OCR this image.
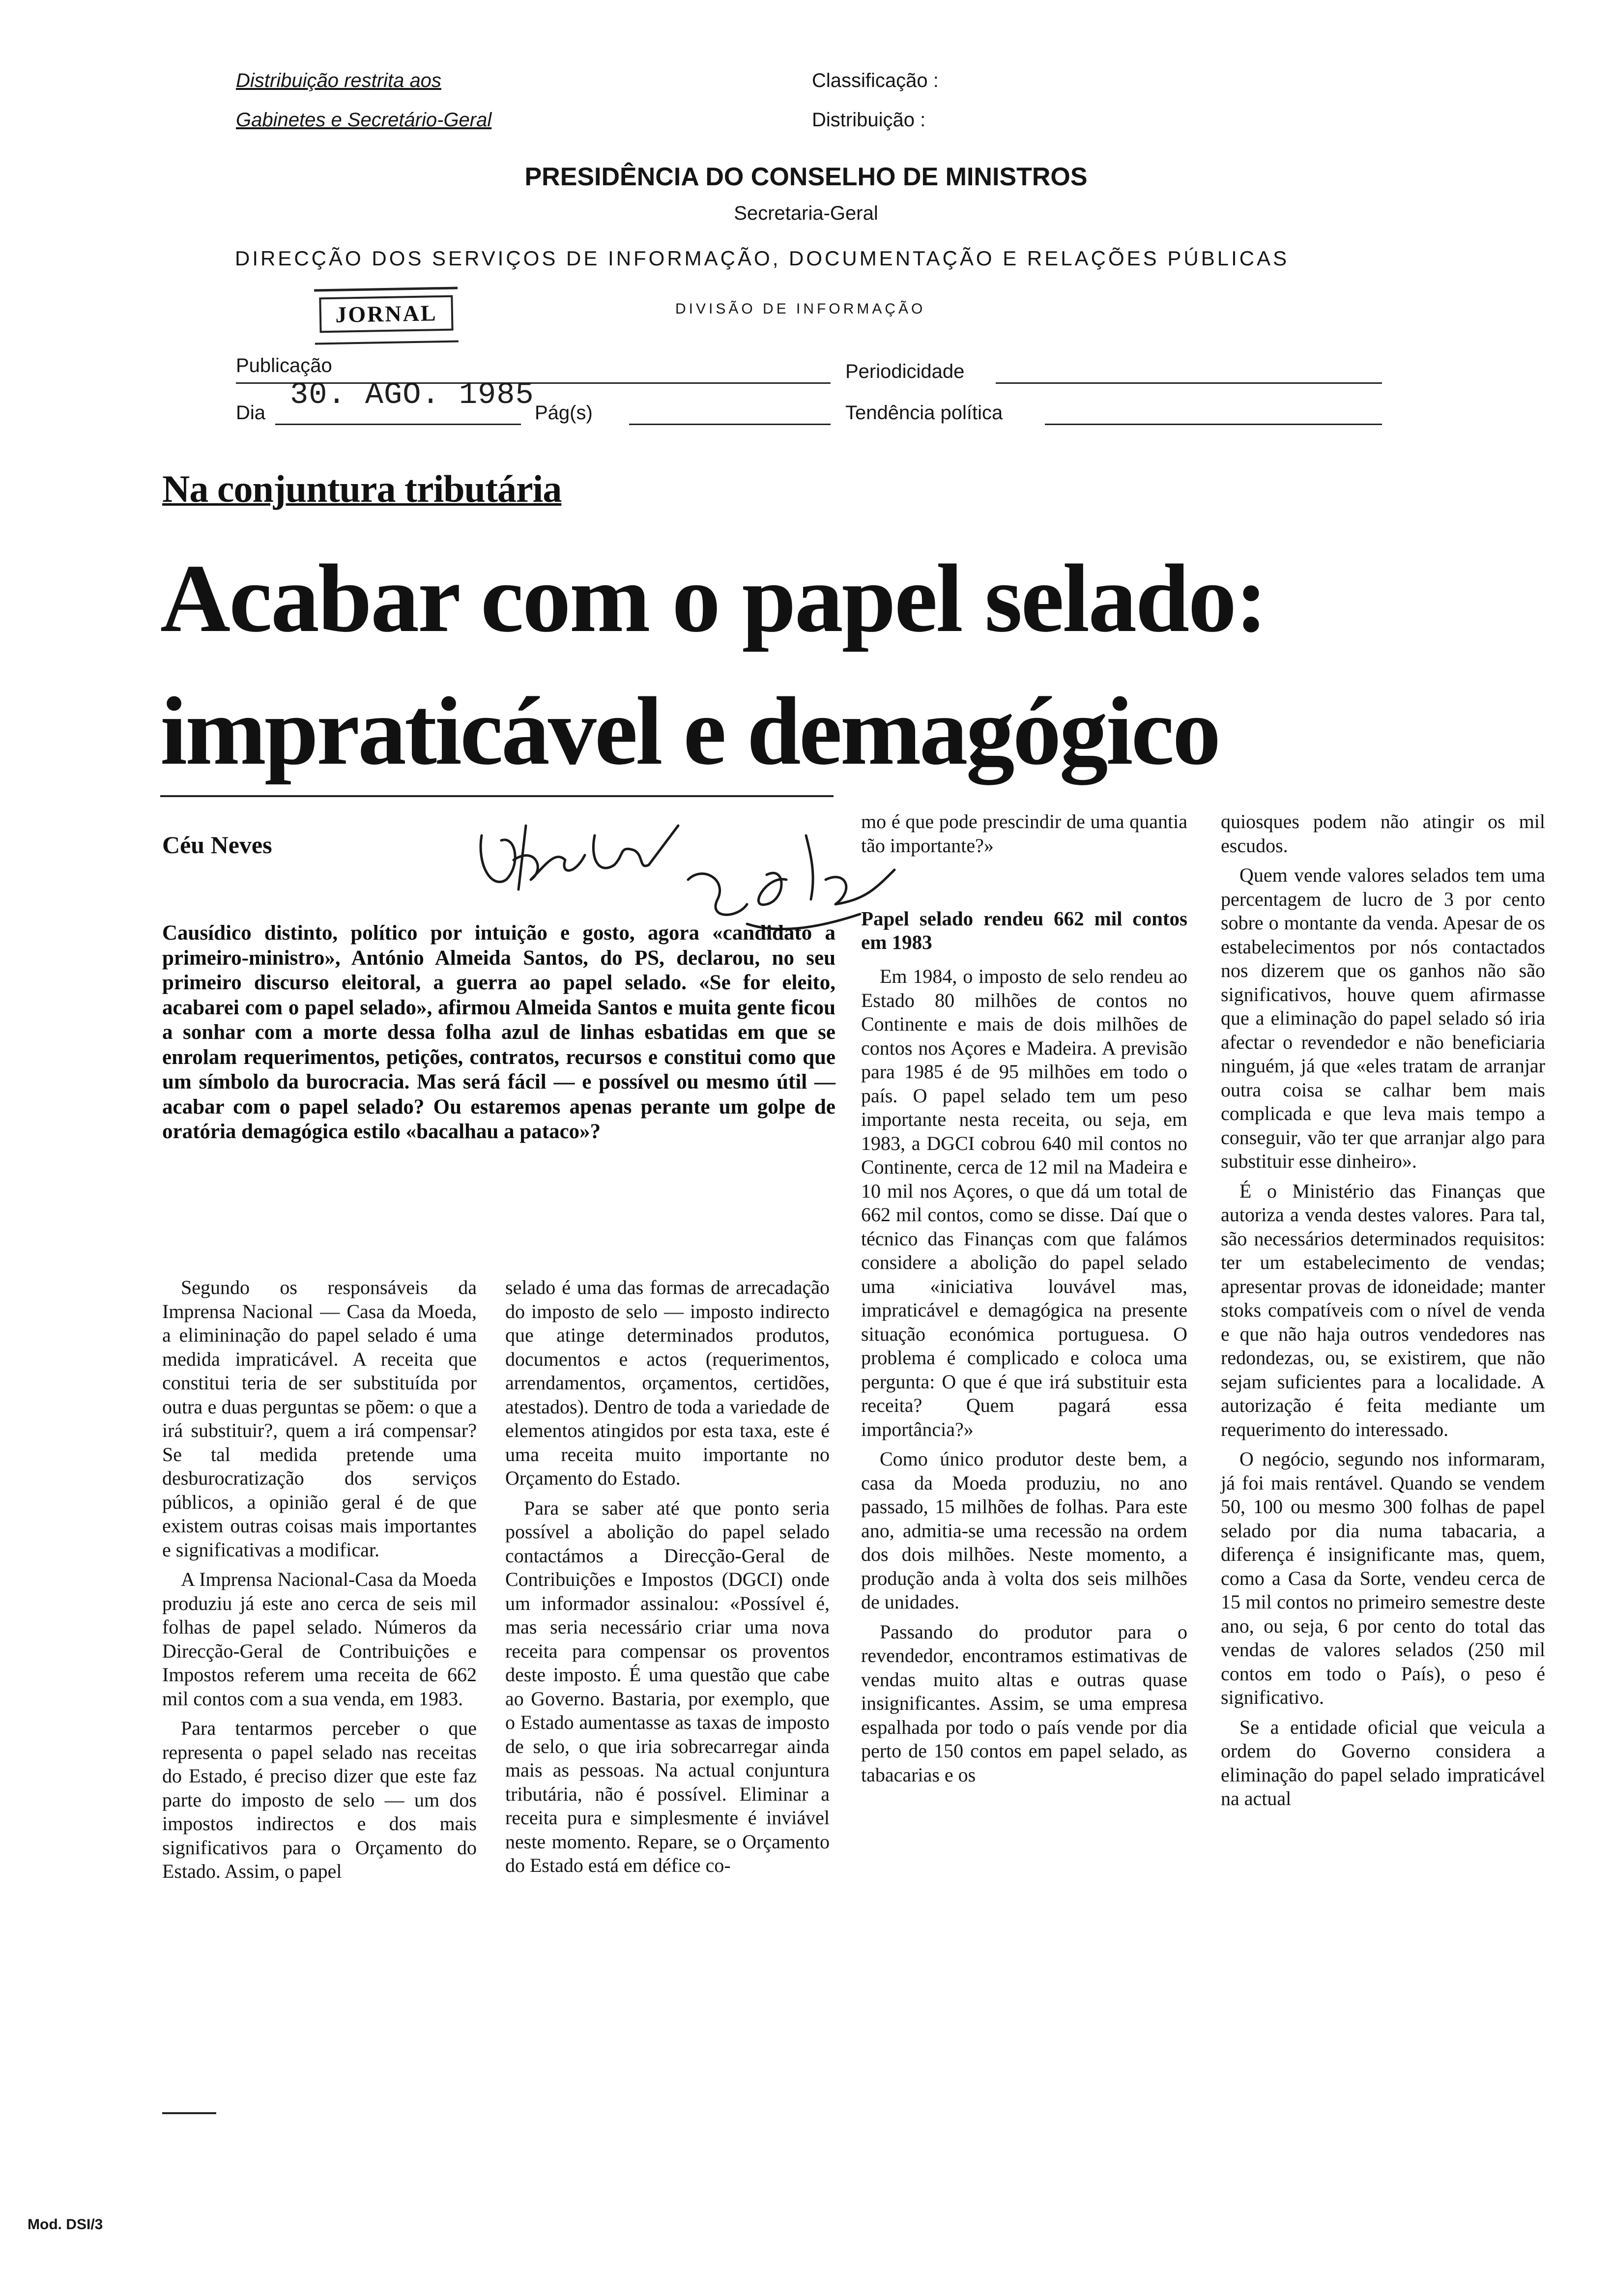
Distribuição restrita aos
Gabinetes e Secretário-Geral
Classificação :
Distribuição :
PRESIDÊNCIA DO CONSELHO DE MINISTROS
Secretaria-Geral
DIRECÇÃO DOS SERVIÇOS DE INFORMAÇÃO, DOCUMENTAÇÃO E RELAÇÕES PÚBLICAS
JORNAL	DIVISÃO DE INFORMAÇÃO
Publicação	Periodicidade
Dia
30. AGO. 1985
Pág(s)	Tendência política
Na conjuntura tributária
Acabar com o papel selado:
impraticável e demagógico
Céu Neves
Causídico distinto, político por intuição e gosto, agora «candidato a primeiro-ministro», António Almeida Santos, do PS, declarou, no seu primeiro discurso eleitoral, a guerra ao papel selado. «Se for eleito, acabarei com o papel selado», afirmou Almeida Santos e muita gente ficou a sonhar com a morte dessa folha azul de linhas esbatidas em que se enrolam requerimentos, petições, contratos, recursos e constitui como que um símbolo da burocracia. Mas será fácil — e possível ou mesmo útil — acabar com o papel selado? Ou estaremos apenas perante um golpe de oratória demagógica estilo «bacalhau a pataco»?

Segundo os responsáveis da Imprensa Nacional — Casa da Moeda, a elimininação do papel selado é uma medida impraticável. A receita que constitui teria de ser substituída por outra e duas perguntas se põem: o que a irá substituir?, quem a irá compensar? Se tal medida pretende uma desburocratização dos serviços públicos, a opinião geral é de que existem outras coisas mais importantes e significativas a modificar.

A Imprensa Nacional-Casa da Moeda produziu já este ano cerca de seis mil folhas de papel selado. Números da Direcção-Geral de Contribuições e Impostos referem uma receita de 662 mil contos com a sua venda, em 1983.

Para tentarmos perceber o que representa o papel selado nas receitas do Estado, é preciso dizer que este faz parte do imposto de selo — um dos impostos indirectos e dos mais significativos para o Orçamento do Estado. Assim, o papel

selado é uma das formas de arrecadação do imposto de selo — imposto indirecto que atinge determinados produtos, documentos e actos (requerimentos, arrendamentos, orçamentos, certidões, atestados). Dentro de toda a variedade de elementos atingidos por esta taxa, este é uma receita muito importante no Orçamento do Estado.

Para se saber até que ponto seria possível a abolição do papel selado contactámos a Direcção-Geral de Contribuições e Impostos (DGCI) onde um informador assinalou: «Possível é, mas seria necessário criar uma nova receita para compensar os proventos deste imposto. É uma questão que cabe ao Governo. Bastaria, por exemplo, que o Estado aumentasse as taxas de imposto de selo, o que iria sobrecarregar ainda mais as pessoas. Na actual conjuntura tributária, não é possível. Eliminar a receita pura e simplesmente é inviável neste momento. Repare, se o Orçamento do Estado está em défice co-

mo é que pode prescindir de uma quantia tão importante?»

Papel selado rendeu 662 mil contos em 1983

Em 1984, o imposto de selo rendeu ao Estado 80 milhões de contos no Continente e mais de dois milhões de contos nos Açores e Madeira. A previsão para 1985 é de 95 milhões em todo o país. O papel selado tem um peso importante nesta receita, ou seja, em 1983, a DGCI cobrou 640 mil contos no Continente, cerca de 12 mil na Madeira e 10 mil nos Açores, o que dá um total de 662 mil contos, como se disse. Daí que o técnico das Finanças com que falámos considere a abolição do papel selado uma «iniciativa louvável mas, impraticável e demagógica na presente situação económica portuguesa. O problema é complicado e coloca uma pergunta: O que é que irá substituir esta receita? Quem pagará essa importância?»

Como único produtor deste bem, a casa da Moeda produziu, no ano passado, 15 milhões de folhas. Para este ano, admitia-se uma recessão na ordem dos dois milhões. Neste momento, a produção anda à volta dos seis milhões de unidades.

Passando do produtor para o revendedor, encontramos estimativas de vendas muito altas e outras quase insignificantes. Assim, se uma empresa espalhada por todo o país vende por dia perto de 150 contos em papel selado, as tabacarias e os

quiosques podem não atingir os mil escudos.

Quem vende valores selados tem uma percentagem de lucro de 3 por cento sobre o montante da venda. Apesar de os estabelecimentos por nós contactados nos dizerem que os ganhos não são significativos, houve quem afirmasse que a eliminação do papel selado só iria afectar o revendedor e não beneficiaria ninguém, já que «eles tratam de arranjar outra coisa se calhar bem mais complicada e que leva mais tempo a conseguir, vão ter que arranjar algo para substituir esse dinheiro».

É o Ministério das Finanças que autoriza a venda destes valores. Para tal, são necessários determinados requisitos: ter um estabelecimento de vendas; apresentar provas de idoneidade; manter stoks compatíveis com o nível de venda e que não haja outros vendedores nas redondezas, ou, se existirem, que não sejam suficientes para a localidade. A autorização é feita mediante um requerimento do interessado.

O negócio, segundo nos informaram, já foi mais rentável. Quando se vendem 50, 100 ou mesmo 300 folhas de papel selado por dia numa tabacaria, a diferença é insignificante mas, quem, como a Casa da Sorte, vendeu cerca de 15 mil contos no primeiro semestre deste ano, ou seja, 6 por cento do total das vendas de valores selados (250 mil contos em todo o País), o peso é significativo.

Se a entidade oficial que veicula a ordem do Governo considera a eliminação do papel selado impraticável na actual

Mod. DSI/3
